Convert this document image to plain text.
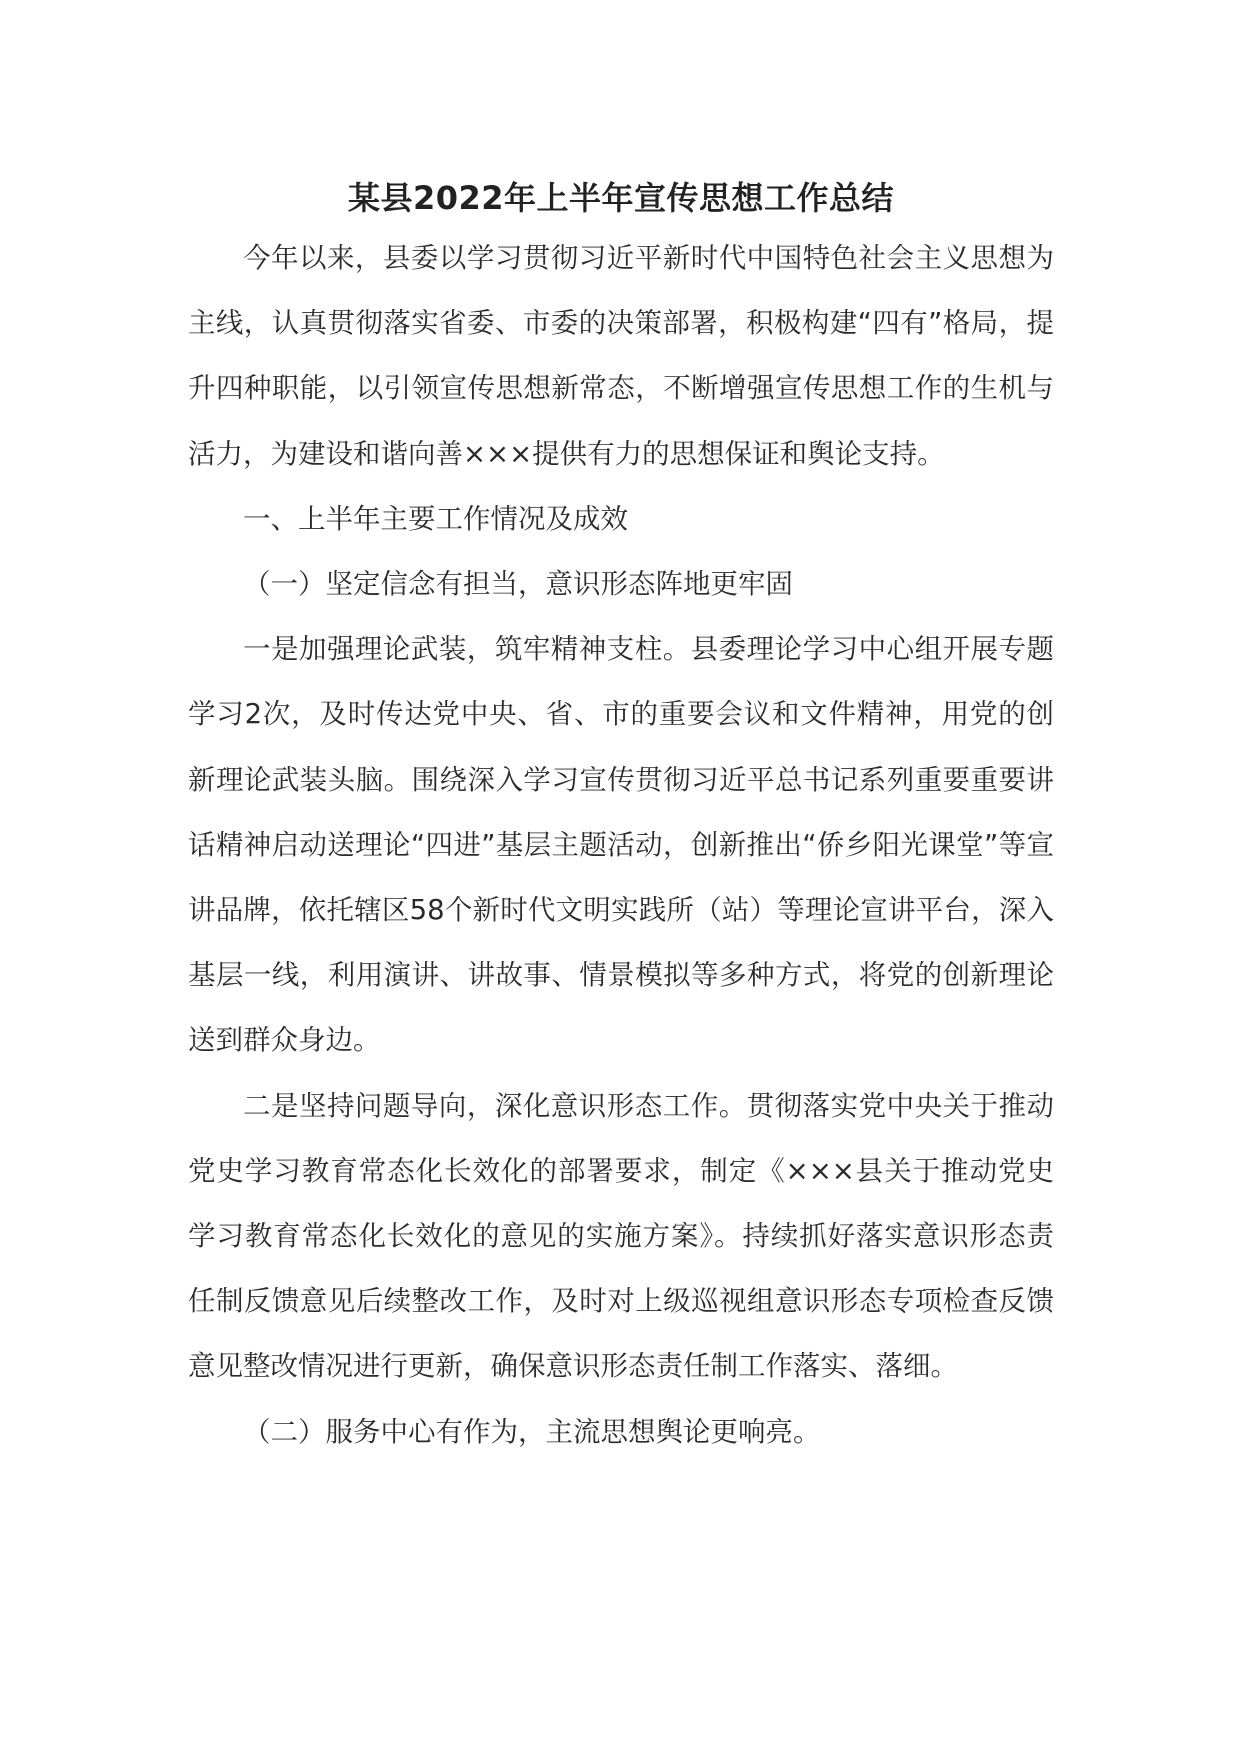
某县2022年上半年宣传思想工作总结

今年以来，县委以学习贯彻习近平新时代中国特色社会主义思想为主线，认真贯彻落实省委、市委的决策部署，积极构建“四有”格局，提升四种职能，以引领宣传思想新常态，不断增强宣传思想工作的生机与活力，为建设和谐向善×××提供有力的思想保证和舆论支持。

一、上半年主要工作情况及成效

（一）坚定信念有担当，意识形态阵地更牢固

一是加强理论武装，筑牢精神支柱。县委理论学习中心组开展专题学习2次，及时传达党中央、省、市的重要会议和文件精神，用党的创新理论武装头脑。围绕深入学习宣传贯彻习近平总书记系列重要重要讲话精神启动送理论“四进”基层主题活动，创新推出“侨乡阳光课堂”等宣讲品牌，依托辖区58个新时代文明实践所（站）等理论宣讲平台，深入基层一线，利用演讲、讲故事、情景模拟等多种方式，将党的创新理论送到群众身边。

二是坚持问题导向，深化意识形态工作。贯彻落实党中央关于推动党史学习教育常态化长效化的部署要求，制定《×××县关于推动党史学习教育常态化长效化的意见的实施方案》。持续抓好落实意识形态责任制反馈意见后续整改工作，及时对上级巡视组意识形态专项检查反馈意见整改情况进行更新，确保意识形态责任制工作落实、落细。

（二）服务中心有作为，主流思想舆论更响亮。
